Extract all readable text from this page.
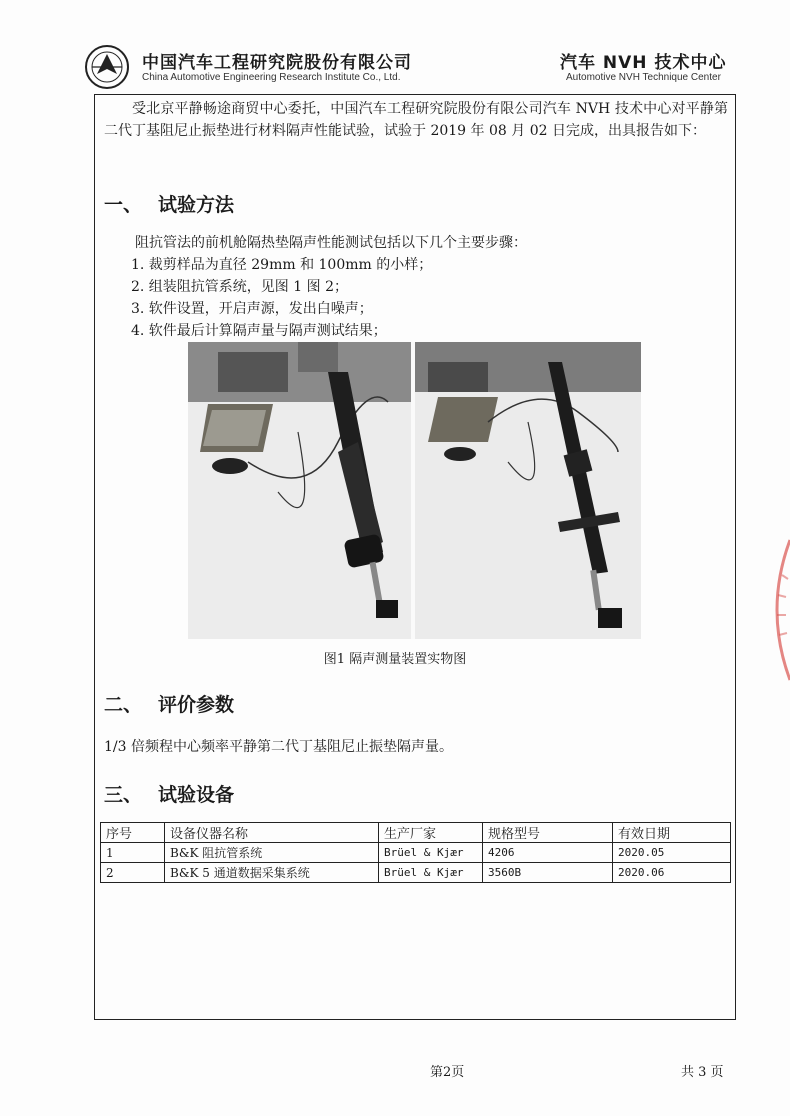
中国汽车工程研究院股份有限公司
China Automotive Engineering Research Institute Co., Ltd.
汽车 NVH 技术中心
Automotive NVH Technique Center
受北京平静畅途商贸中心委托，中国汽车工程研究院股份有限公司汽车 NVH 技术中心对平静第二代丁基阻尼止振垫进行材料隔声性能试验，试验于 2019 年 08 月 02 日完成，出具报告如下：
一、 试验方法
阻抗管法的前机舱隔热垫隔声性能测试包括以下几个主要步骤：
1. 裁剪样品为直径 29mm 和 100mm 的小样；
2. 组装阻抗管系统，见图 1 图 2；
3. 软件设置，开启声源，发出白噪声；
4. 软件最后计算隔声量与隔声测试结果；
图1 隔声测量装置实物图
二、 评价参数
1/3 倍频程中心频率平静第二代丁基阻尼止振垫隔声量。
三、 试验设备
序号	设备仪器名称	生产厂家	规格型号	有效日期
1	B&K 阻抗管系统	Brüel & Kjær	4206	2020.05
2	B&K 5 通道数据采集系统	Brüel & Kjær	3560B	2020.06
第2页	共 3 页
